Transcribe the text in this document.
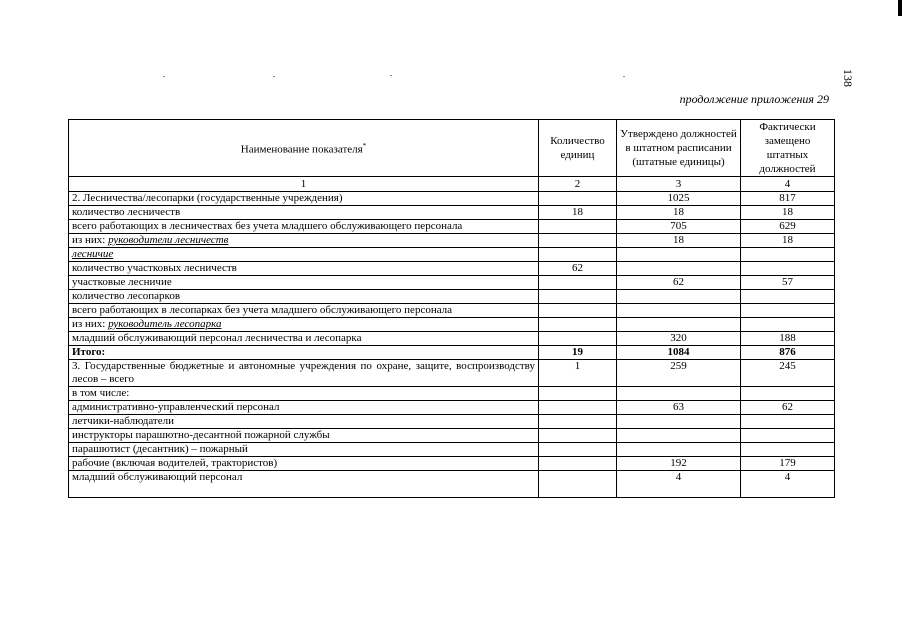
138
продолжение приложения 29
Наименование показателя*	Количество единиц	Утверждено должностей в штатном расписании (штатные единицы)	Фактически замещено штатных должностей
1	2	3	4
2. Лесничества/лесопарки (государственные учреждения)		1025	817
количество лесничеств	18	18	18
всего работающих в лесничествах без учета младшего обслуживающего персонала		705	629
из них: руководители лесничеств		18	18
лесничие			
количество участковых лесничеств	62		
участковые лесничие		62	57
количество лесопарков			
всего работающих в лесопарках без учета младшего обслуживающего персонала			
из них: руководитель лесопарка			
младший обслуживающий персонал лесничества и лесопарка		320	188
Итого:	19	1084	876
3. Государственные бюджетные и автономные учреждения по охране, защите, воспроизводству лесов – всего	1	259	245
в том числе:			
административно-управленческий персонал		63	62
летчики-наблюдатели			
инструкторы парашютно-десантной пожарной службы			
парашютист (десантник) – пожарный			
рабочие (включая водителей, трактористов)		192	179
младший обслуживающий персонал		4	4
